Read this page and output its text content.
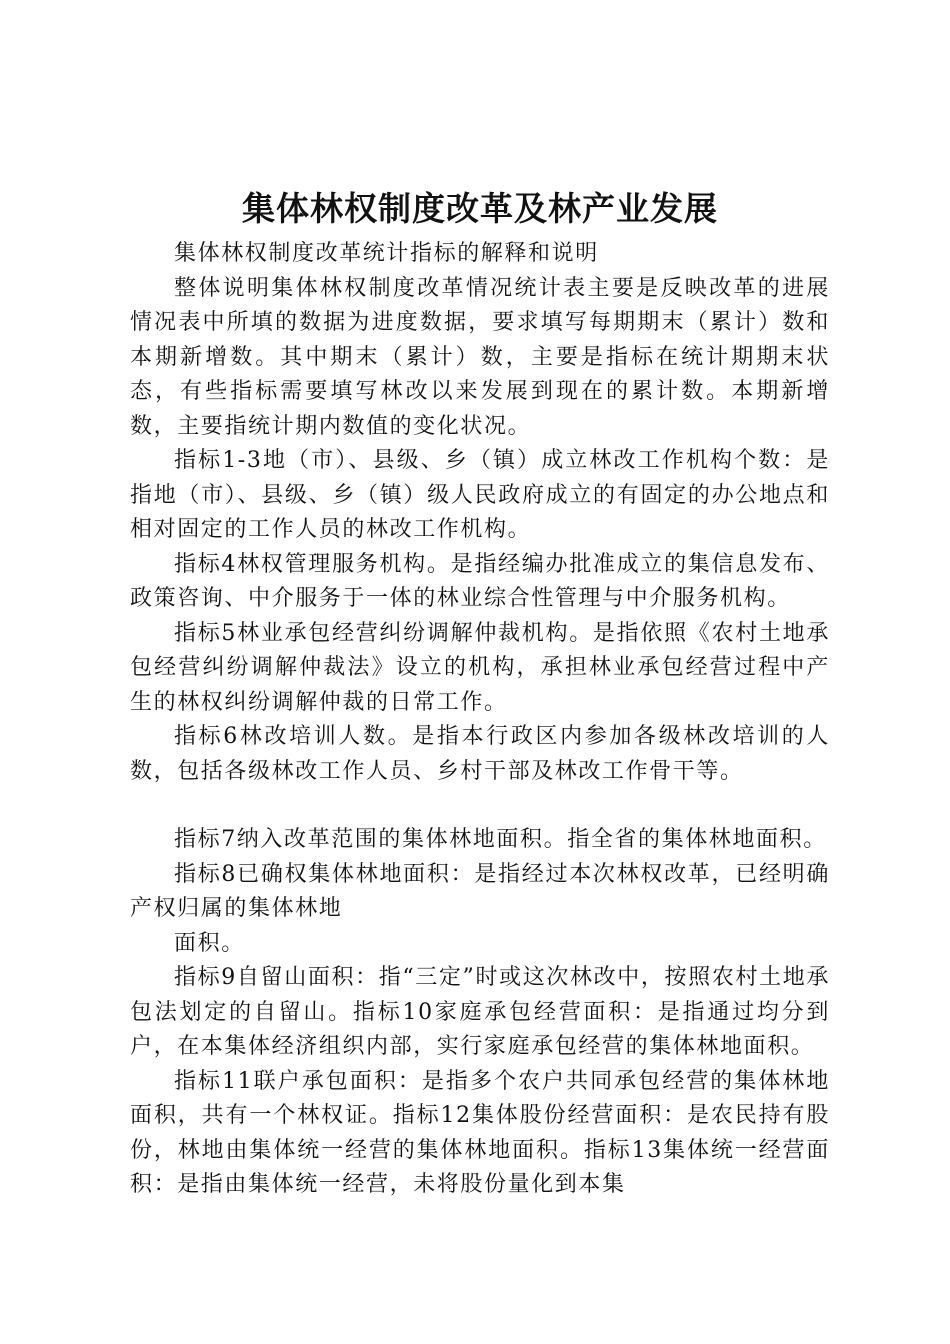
集体林权制度改革及林产业发展

集体林权制度改革统计指标的解释和说明

整体说明集体林权制度改革情况统计表主要是反映改革的进展情况表中所填的数据为进度数据，要求填写每期期末（累计）数和本期新增数。其中期末（累计）数，主要是指标在统计期期末状态，有些指标需要填写林改以来发展到现在的累计数。本期新增数，主要指统计期内数值的变化状况。

指标1-3地（市）、县级、乡（镇）成立林改工作机构个数：是指地（市）、县级、乡（镇）级人民政府成立的有固定的办公地点和相对固定的工作人员的林改工作机构。

指标4林权管理服务机构。是指经编办批准成立的集信息发布、政策咨询、中介服务于一体的林业综合性管理与中介服务机构。

指标5林业承包经营纠纷调解仲裁机构。是指依照《农村土地承包经营纠纷调解仲裁法》设立的机构，承担林业承包经营过程中产生的林权纠纷调解仲裁的日常工作。

指标6林改培训人数。是指本行政区内参加各级林改培训的人数，包括各级林改工作人员、乡村干部及林改工作骨干等。

指标7纳入改革范围的集体林地面积。指全省的集体林地面积。

指标8已确权集体林地面积：是指经过本次林权改革，已经明确产权归属的集体林地

面积。

指标9自留山面积：指“三定”时或这次林改中，按照农村土地承包法划定的自留山。指标10家庭承包经营面积：是指通过均分到户，在本集体经济组织内部，实行家庭承包经营的集体林地面积。

指标11联户承包面积：是指多个农户共同承包经营的集体林地面积，共有一个林权证。指标12集体股份经营面积：是农民持有股份，林地由集体统一经营的集体林地面积。指标13集体统一经营面积：是指由集体统一经营，未将股份量化到本集
